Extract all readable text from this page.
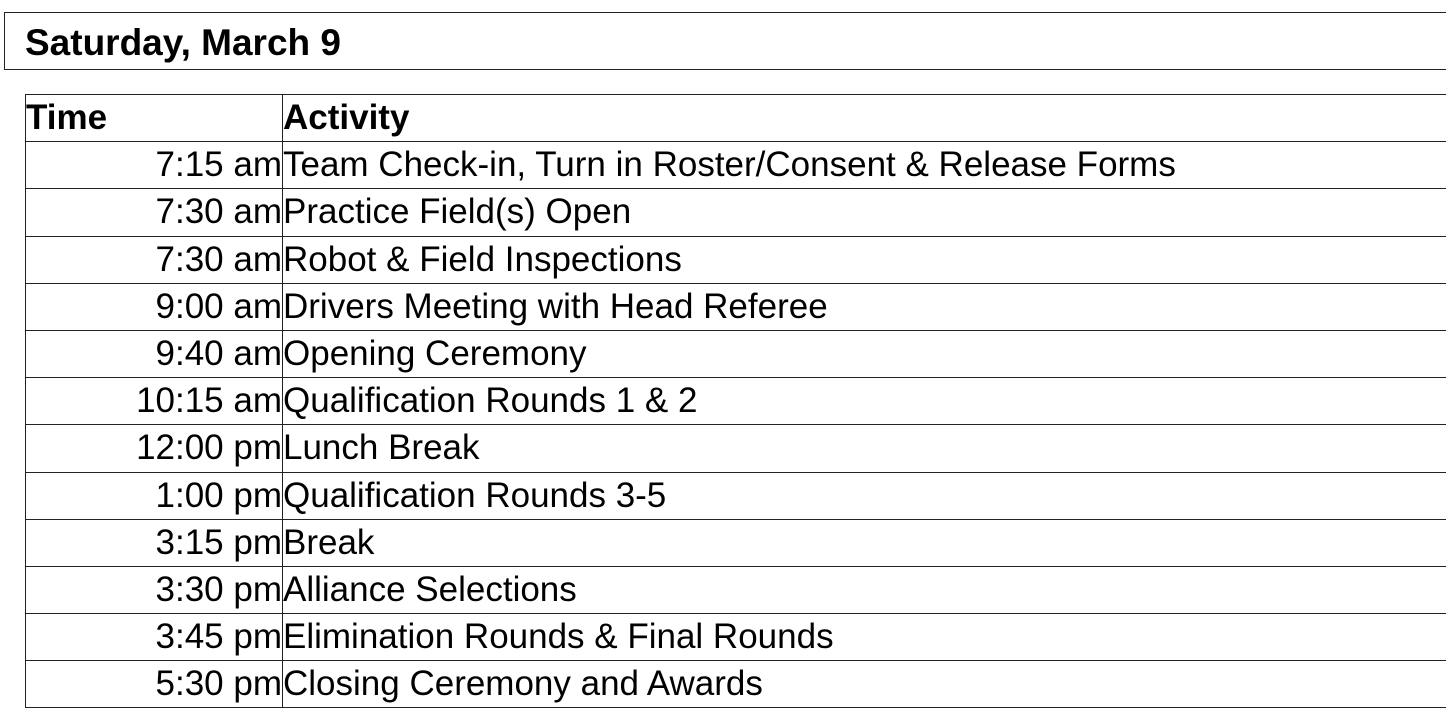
Saturday, March 9
Time	Activity
7:15 am	Team Check-in, Turn in Roster/Consent & Release Forms
7:30 am	Practice Field(s) Open
7:30 am	Robot & Field Inspections
9:00 am	Drivers Meeting with Head Referee
9:40 am	Opening Ceremony
10:15 am	Qualification Rounds 1 & 2
12:00 pm	Lunch Break
1:00 pm	Qualification Rounds 3-5
3:15 pm	Break
3:30 pm	Alliance Selections
3:45 pm	Elimination Rounds & Final Rounds
5:30 pm	Closing Ceremony and Awards
